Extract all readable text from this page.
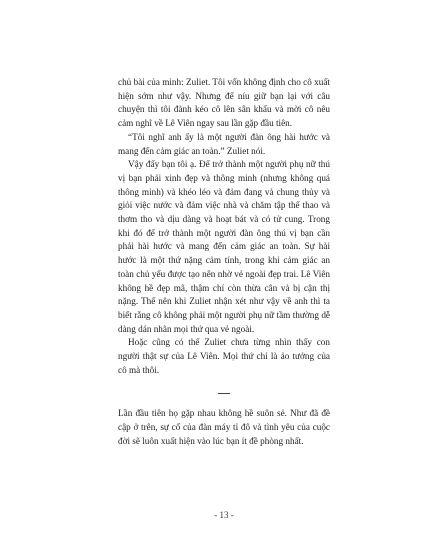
chủ bài của mình: Zuliet. Tôi vốn không định cho cô xuất hiện sớm như vậy. Nhưng để níu giữ bạn lại với câu chuyện thì tôi đành kéo cô lên sân khấu và mời cô nêu cảm nghĩ về Lê Viên ngay sau lần gặp đầu tiên.

“Tôi nghĩ anh ấy là một người đàn ông hài hước và mang đến cảm giác an toàn.” Zuliet nói.

Vậy đấy bạn tôi ạ. Để trở thành một người phụ nữ thú vị bạn phải xinh đẹp và thông minh (nhưng không quá thông minh) và khéo léo và đảm đang và chung thủy và giỏi việc nước và đảm việc nhà và chăm tập thể thao và thơm tho và dịu dàng và hoạt bát và có tử cung. Trong khi đó để trở thành một người đàn ông thú vị bạn cần phải hài hước và mang đến cảm giác an toàn. Sự hài hước là một thứ nặng cảm tính, trong khi cảm giác an toàn chủ yếu được tạo nên nhờ vẻ ngoài đẹp trai. Lê Viên không hề đẹp mã, thậm chí còn thừa cân và bị cận thị nặng. Thế nên khi Zuliet nhận xét như vậy về anh thì ta biết rằng cô không phải một người phụ nữ tầm thường dễ dàng dán nhãn mọi thứ qua vẻ ngoài.

Hoặc cũng có thể Zuliet chưa từng nhìn thấy con người thật sự của Lê Viên. Mọi thứ chỉ là ảo tưởng của cô mà thôi.

Lần đầu tiên họ gặp nhau không hề suôn sẻ. Như đã đề cập ở trên, sự cố của đàn máy tỉ đô và tình yêu của cuộc đời sẽ luôn xuất hiện vào lúc bạn ít đề phòng nhất.

- 13 -
